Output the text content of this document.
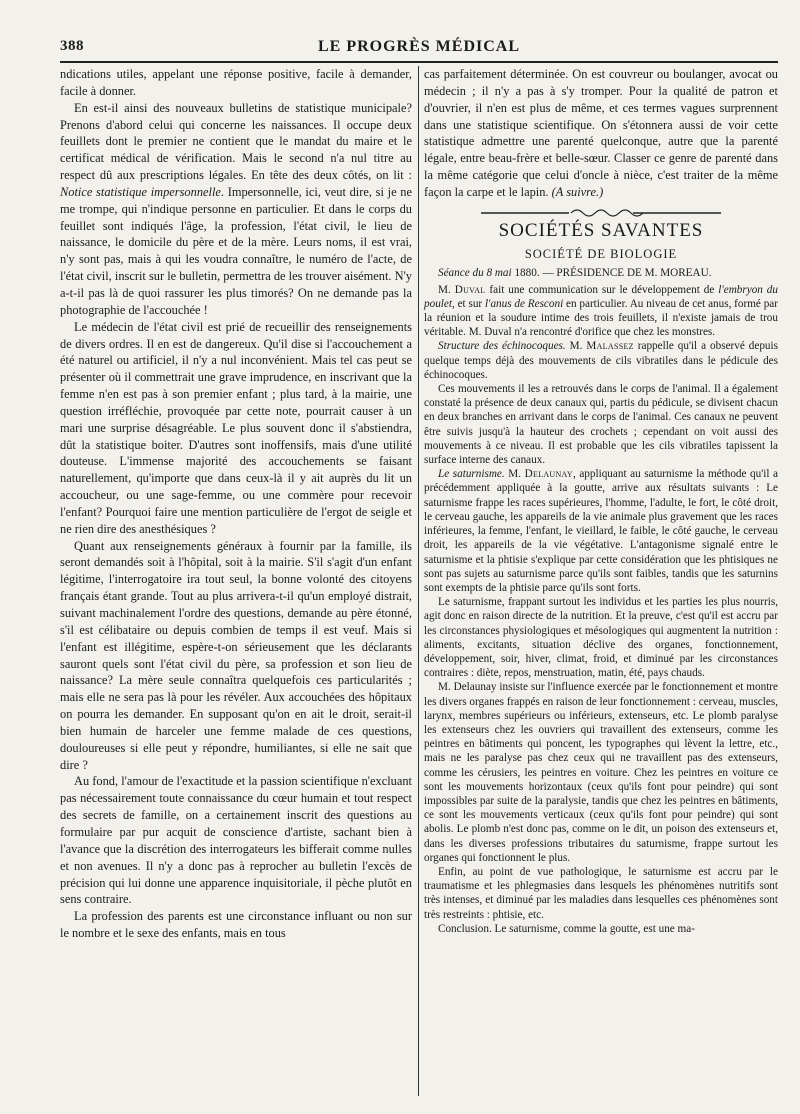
388	LE PROGRÈS MÉDICAL

ndications utiles, appelant une réponse positive, facile à demander, facile à donner.

En est-il ainsi des nouveaux bulletins de statistique municipale? Prenons d'abord celui qui concerne les naissances. Il occupe deux feuillets dont le premier ne contient que le mandat du maire et le certificat médical de vérification. Mais le second n'a nul titre au respect dû aux prescriptions légales. En tête des deux côtés, on lit : Notice statistique impersonnelle. Impersonnelle, ici, veut dire, si je ne me trompe, qui n'indique personne en particulier. Et dans le corps du feuillet sont indiqués l'âge, la profession, l'état civil, le lieu de naissance, le domicile du père et de la mère. Leurs noms, il est vrai, n'y sont pas, mais à qui les voudra connaître, le numéro de l'acte, de l'état civil, inscrit sur le bulletin, permettra de les trouver aisément. N'y a-t-il pas là de quoi rassurer les plus timorés? On ne demande pas la photographie de l'accouchée !

Le médecin de l'état civil est prié de recueillir des renseignements de divers ordres. Il en est de dangereux. Qu'il dise si l'accouchement a été naturel ou artificiel, il n'y a nul inconvénient. Mais tel cas peut se présenter où il commettrait une grave imprudence, en inscrivant que la femme n'en est pas à son premier enfant ; plus tard, à la mairie, une question irréfléchie, provoquée par cette note, pourrait causer à un mari une surprise désagréable. Le plus souvent donc il s'abstiendra, dût la statistique boiter. D'autres sont inoffensifs, mais d'une utilité douteuse. L'immense majorité des accouchements se faisant naturellement, qu'importe que dans ceux-là il y ait auprès du lit un accoucheur, ou une sage-femme, ou une commère pour recevoir l'enfant? Pourquoi faire une mention particulière de l'ergot de seigle et ne rien dire des anesthésiques ?

Quant aux renseignements généraux à fournir par la famille, ils seront demandés soit à l'hôpital, soit à la mairie. S'il s'agit d'un enfant légitime, l'interrogatoire ira tout seul, la bonne volonté des citoyens français étant grande. Tout au plus arrivera-t-il qu'un employé distrait, suivant machinalement l'ordre des questions, demande au père étonné, s'il est célibataire ou depuis combien de temps il est veuf. Mais si l'enfant est illégitime, espère-t-on sérieusement que les déclarants sauront quels sont l'état civil du père, sa profession et son lieu de naissance? La mère seule connaîtra quelquefois ces particularités ; mais elle ne sera pas là pour les révéler. Aux accouchées des hôpitaux on pourra les demander. En supposant qu'on en ait le droit, serait-il bien humain de harceler une femme malade de ces questions, douloureuses si elle peut y répondre, humiliantes, si elle ne sait que dire ?

Au fond, l'amour de l'exactitude et la passion scientifique n'excluant pas nécessairement toute connaissance du cœur humain et tout respect des secrets de famille, on a certainement inscrit des questions au formulaire par pur acquit de conscience d'artiste, sachant bien à l'avance que la discrétion des interrogateurs les bifferait comme nulles et non avenues. Il n'y a donc pas à reprocher au bulletin l'excès de précision qui lui donne une apparence inquisitoriale, il pèche plutôt en sens contraire.

La profession des parents est une circonstance influant ou non sur le nombre et le sexe des enfants, mais en tous

cas parfaitement déterminée. On est couvreur ou boulanger, avocat ou médecin ; il n'y a pas à s'y tromper. Pour la qualité de patron et d'ouvrier, il n'en est plus de même, et ces termes vagues surprennent dans une statistique scientifique. On s'étonnera aussi de voir cette statistique admettre une parenté quelconque, autre que la parenté légale, entre beau-frère et belle-sœur. Classer ce genre de parenté dans la même catégorie que celui d'oncle à nièce, c'est traiter de la même façon la carpe et le lapin. (A suivre.)

SOCIÉTÉS SAVANTES
SOCIÉTÉ DE BIOLOGIE

Séance du 8 mai 1880. — PRÉSIDENCE DE M. MOREAU.

M. Duval fait une communication sur le développement de l'embryon du poulet, et sur l'anus de Resconi en particulier. Au niveau de cet anus, formé par la réunion et la soudure intime des trois feuillets, il n'existe jamais de trou véritable. M. Duval n'a rencontré d'orifice que chez les monstres.

Structure des échinocoques. M. Malassez rappelle qu'il a observé depuis quelque temps déjà des mouvements de cils vibratiles dans le pédicule des échinocoques.

Ces mouvements il les a retrouvés dans le corps de l'animal. Il a également constaté la présence de deux canaux qui, partis du pédicule, se divisent chacun en deux branches en arrivant dans le corps de l'animal. Ces canaux ne peuvent être suivis jusqu'à la hauteur des crochets ; cependant on voit aussi des mouvements à ce niveau. Il est probable que les cils vibratiles tapissent la surface interne des canaux.

Le saturnisme. M. Delaunay, appliquant au saturnisme la méthode qu'il a précédemment appliquée à la goutte, arrive aux résultats suivants : Le saturnisme frappe les races supérieures, l'homme, l'adulte, le fort, le côté droit, le cerveau gauche, les appareils de la vie animale plus gravement que les races inférieures, la femme, l'enfant, le vieillard, le faible, le côté gauche, le cerveau droit, les appareils de la vie végétative. L'antagonisme signalé entre le saturnisme et la phtisie s'explique par cette considération que les phtisiques ne sont pas sujets au saturnisme parce qu'ils sont faibles, tandis que les saturnins sont exempts de la phtisie parce qu'ils sont forts.

Le saturnisme, frappant surtout les individus et les parties les plus nourris, agit donc en raison directe de la nutrition. Et la preuve, c'est qu'il est accru par les circonstances physiologiques et mésologiques qui augmentent la nutrition : aliments, excitants, situation déclive des organes, fonctionnement, développement, soir, hiver, climat, froid, et diminué par les circonstances contraires : diète, repos, menstruation, matin, été, pays chauds.

M. Delaunay insiste sur l'influence exercée par le fonctionnement et montre les divers organes frappés en raison de leur fonctionnement : cerveau, muscles, larynx, membres supérieurs ou inférieurs, extenseurs, etc. Le plomb paralyse les extenseurs chez les ouvriers qui travaillent des extenseurs, comme les peintres en bâtiments qui poncent, les typographes qui lèvent la lettre, etc., mais ne les paralyse pas chez ceux qui ne travaillent pas des extenseurs, comme les cérusiers, les peintres en voiture. Chez les peintres en voiture ce sont les mouvements horizontaux (ceux qu'ils font pour peindre) qui sont impossibles par suite de la paralysie, tandis que chez les peintres en bâtiments, ce sont les mouvements verticaux (ceux qu'ils font pour peindre) qui sont abolis. Le plomb n'est donc pas, comme on le dit, un poison des extenseurs et, dans les diverses professions tributaires du saturnisme, frappe surtout les organes qui fonctionnent le plus.

Enfin, au point de vue pathologique, le saturnisme est accru par le traumatisme et les phlegmasies dans lesquels les phénomènes nutritifs sont très intenses, et diminué par les maladies dans lesquelles ces phénomènes sont très restreints : phtisie, etc.

Conclusion. Le saturnisme, comme la goutte, est une ma-
